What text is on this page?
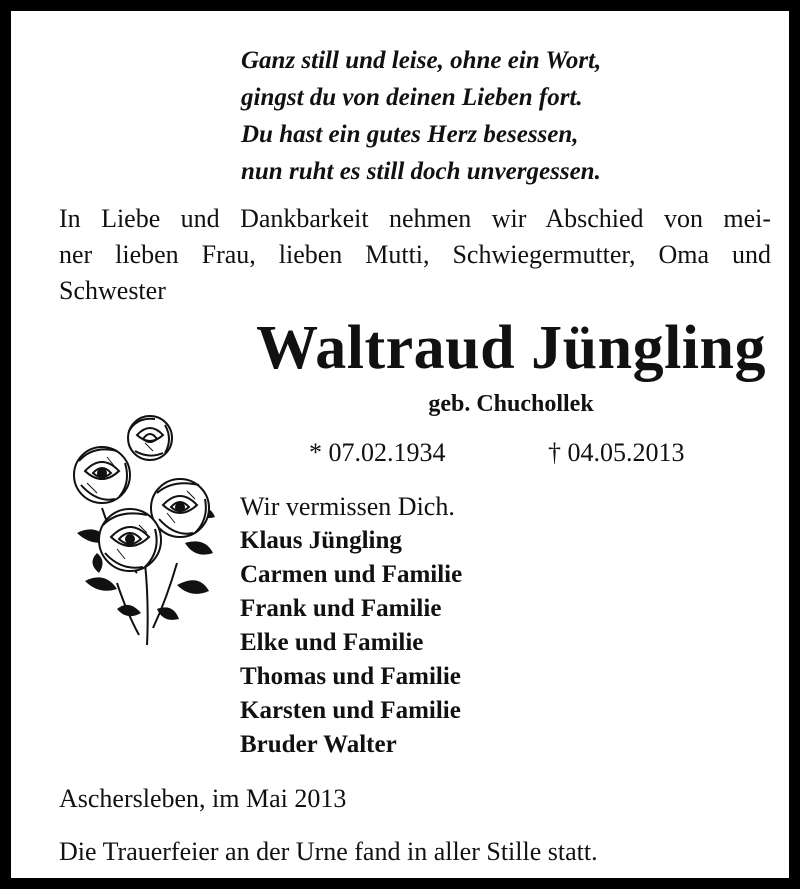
Ganz still und leise, ohne ein Wort,
gingst du von deinen Lieben fort.
Du hast ein gutes Herz besessen,
nun ruht es still doch unvergessen.
In Liebe und Dankbarkeit nehmen wir Abschied von mei-
ner lieben Frau, lieben Mutti, Schwiegermutter, Oma und
Schwester
Waltraud Jüngling
geb. Chuchollek
* 07.02.1934	† 04.05.2013
Wir vermissen Dich.
Klaus Jüngling
Carmen und Familie
Frank und Familie
Elke und Familie
Thomas und Familie
Karsten und Familie
Bruder Walter
Aschersleben, im Mai 2013
Die Trauerfeier an der Urne fand in aller Stille statt.
